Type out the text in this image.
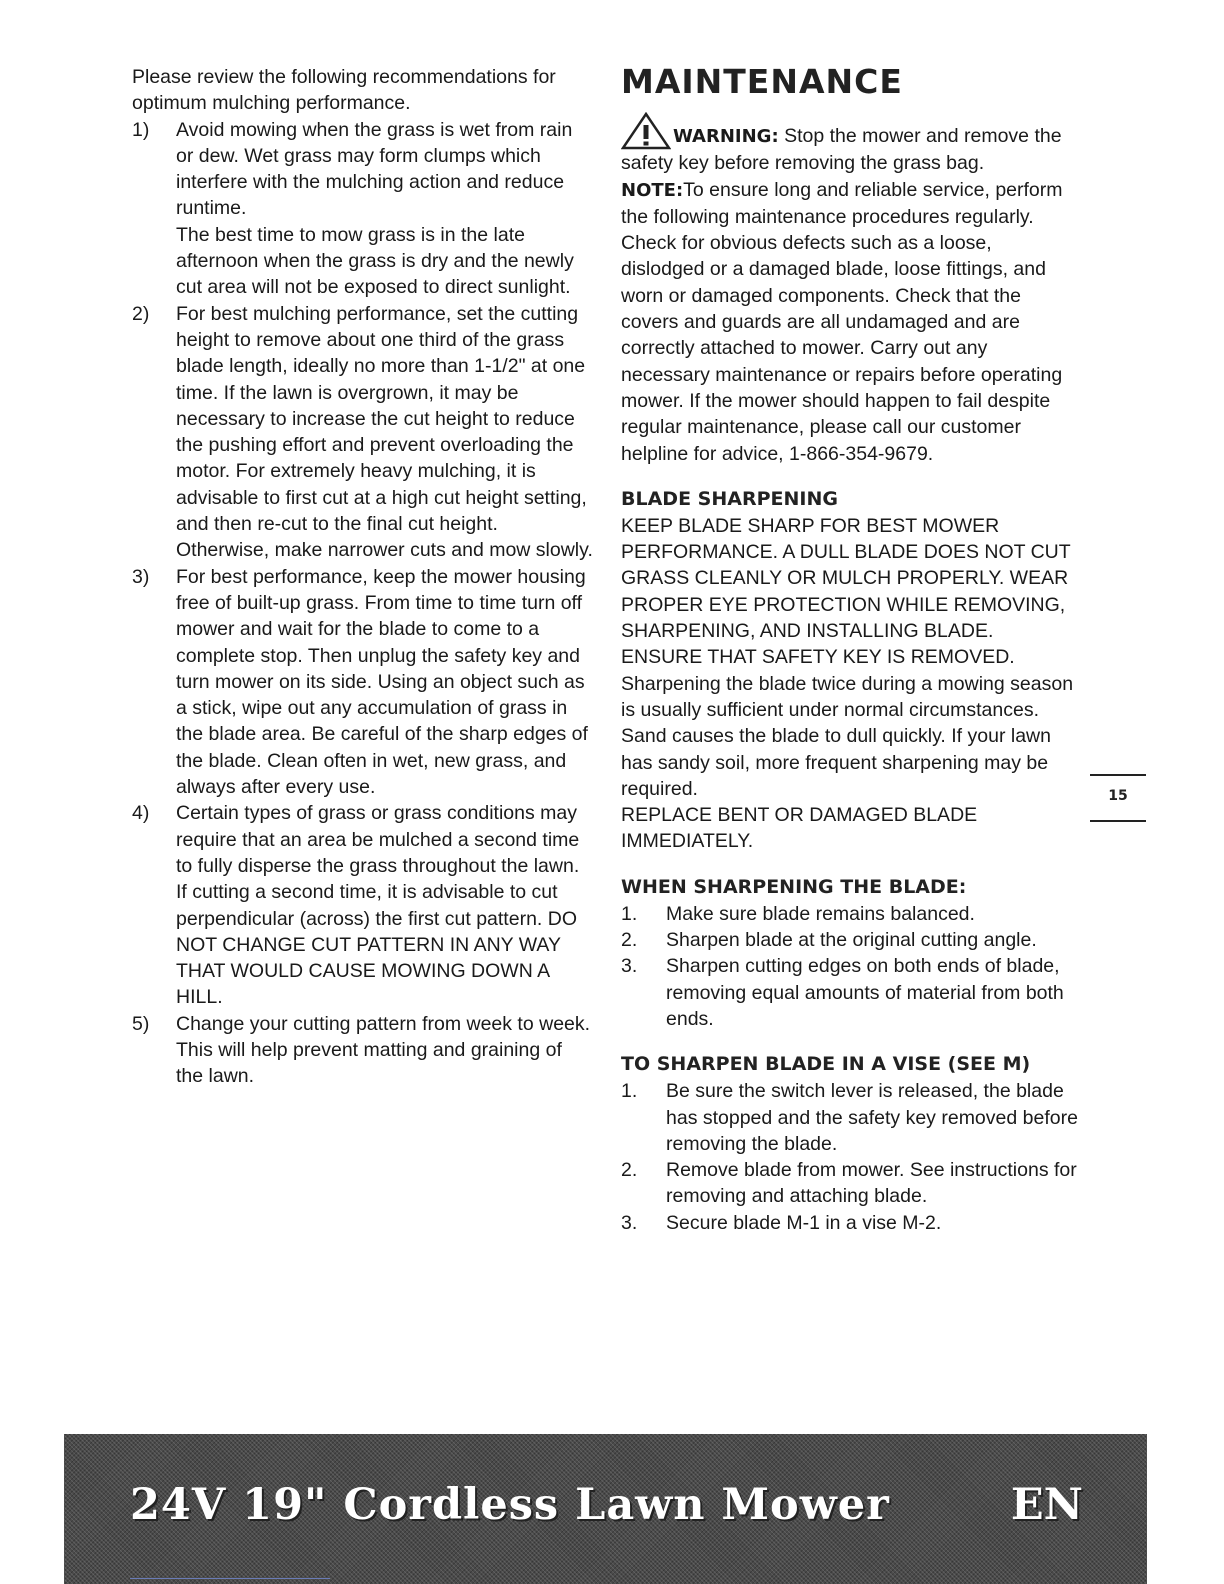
Please review the following recommendations for optimum mulching performance.

1) Avoid mowing when the grass is wet from rain or dew. Wet grass may form clumps which interfere with the mulching action and reduce runtime.

The best time to mow grass is in the late afternoon when the grass is dry and the newly cut area will not be exposed to direct sunlight.

2) For best mulching performance, set the cutting height to remove about one third of the grass blade length, ideally no more than 1-1/2" at one time. If the lawn is overgrown, it may be necessary to increase the cut height to reduce the pushing effort and prevent overloading the motor. For extremely heavy mulching, it is advisable to first cut at a high cut height setting, and then re-cut to the final cut height. Otherwise, make narrower cuts and mow slowly.

3) For best performance, keep the mower housing free of built-up grass. From time to time turn off mower and wait for the blade to come to a complete stop. Then unplug the safety key and turn mower on its side. Using an object such as a stick, wipe out any accumulation of grass in the blade area. Be careful of the sharp edges of the blade. Clean often in wet, new grass, and always after every use.

4) Certain types of grass or grass conditions may require that an area be mulched a second time to fully disperse the grass throughout the lawn.

If cutting a second time, it is advisable to cut perpendicular (across) the first cut pattern. DO NOT CHANGE CUT PATTERN IN ANY WAY

THAT WOULD CAUSE MOWING DOWN A HILL.

5) Change your cutting pattern from week to week. This will help prevent matting and graining of the lawn.

MAINTENANCE

WARNING: Stop the mower and remove the safety key before removing the grass bag.

NOTE:To ensure long and reliable service, perform the following maintenance procedures regularly. Check for obvious defects such as a loose, dislodged or a damaged blade, loose fittings, and worn or damaged components. Check that the covers and guards are all undamaged and are correctly attached to mower. Carry out any necessary maintenance or repairs before operating mower. If the mower should happen to fail despite regular maintenance, please call our customer helpline for advice, 1-866-354-9679.

BLADE SHARPENING

KEEP BLADE SHARP FOR BEST MOWER PERFORMANCE. A DULL BLADE DOES NOT CUT GRASS CLEANLY OR MULCH PROPERLY. WEAR PROPER EYE PROTECTION WHILE REMOVING, SHARPENING, AND INSTALLING BLADE. ENSURE THAT SAFETY KEY IS REMOVED.

Sharpening the blade twice during a mowing season is usually sufficient under normal circumstances. Sand causes the blade to dull quickly. If your lawn has sandy soil, more frequent sharpening may be required.

REPLACE BENT OR DAMAGED BLADE IMMEDIATELY.

WHEN SHARPENING THE BLADE:
1. Make sure blade remains balanced.

2. Sharpen blade at the original cutting angle.

3. Sharpen cutting edges on both ends of blade, removing equal amounts of material from both ends.

TO SHARPEN BLADE IN A VISE (SEE M)
1. Be sure the switch lever is released, the blade has stopped and the safety key removed before removing the blade.

2. Remove blade from mower. See instructions for removing and attaching blade.

3. Secure blade M-1 in a vise M-2.

15
24V 19" Cordless Lawn Mower	EN
